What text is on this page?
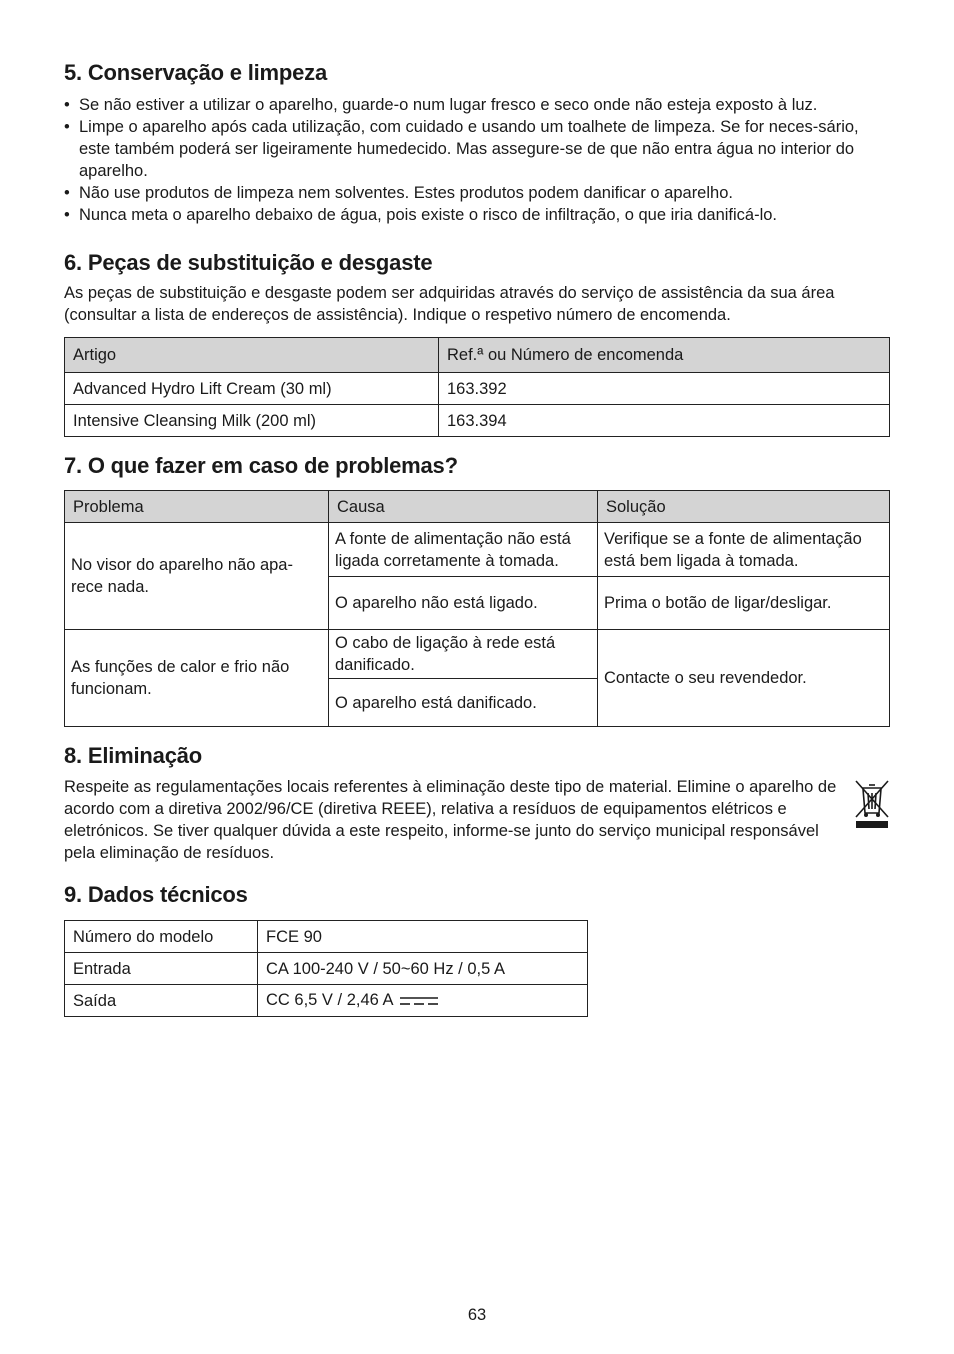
5. Conservação e limpeza
• Se não estiver a utilizar o aparelho, guarde-o num lugar fresco e seco onde não esteja exposto à luz.
• Limpe o aparelho após cada utilização, com cuidado e usando um toalhete de limpeza. Se for neces-sário, este também poderá ser ligeiramente humedecido. Mas assegure-se de que não entra água no interior do aparelho.
• Não use produtos de limpeza nem solventes. Estes produtos podem danificar o aparelho.
• Nunca meta o aparelho debaixo de água, pois existe o risco de infiltração, o que iria danificá-lo.
6. Peças de substituição e desgaste

As peças de substituição e desgaste podem ser adquiridas através do serviço de assistência da sua área (consultar a lista de endereços de assistência). Indique o respetivo número de encomenda.

Artigo	Ref.ª ou Número de encomenda
Advanced Hydro Lift Cream (30 ml)	163.392
Intensive Cleansing Milk (200 ml)	163.394
7. O que fazer em caso de problemas?
Problema	Causa	Solução
No visor do aparelho não apa-rece nada.	A fonte de alimentação não está ligada corretamente à tomada.	Verifique se a fonte de alimentação está bem ligada à tomada.
	O aparelho não está ligado.	Prima o botão de ligar/desligar.
As funções de calor e frio não funcionam.	O cabo de ligação à rede está danificado.	Contacte o seu revendedor.
	O aparelho está danificado.	
8. Eliminação

Respeite as regulamentações locais referentes à eliminação deste tipo de material. Elimine o aparelho de acordo com a diretiva 2002/96/CE (diretiva REEE), relativa a resíduos de equipamentos elétricos e eletrónicos. Se tiver qualquer dúvida a este respeito, informe-se junto do serviço municipal responsável pela eliminação de resíduos.

9. Dados técnicos
Número do modelo	FCE 90
Entrada	CA 100-240 V / 50~60 Hz / 0,5 A
Saída	CC 6,5 V / 2,46 A
63
